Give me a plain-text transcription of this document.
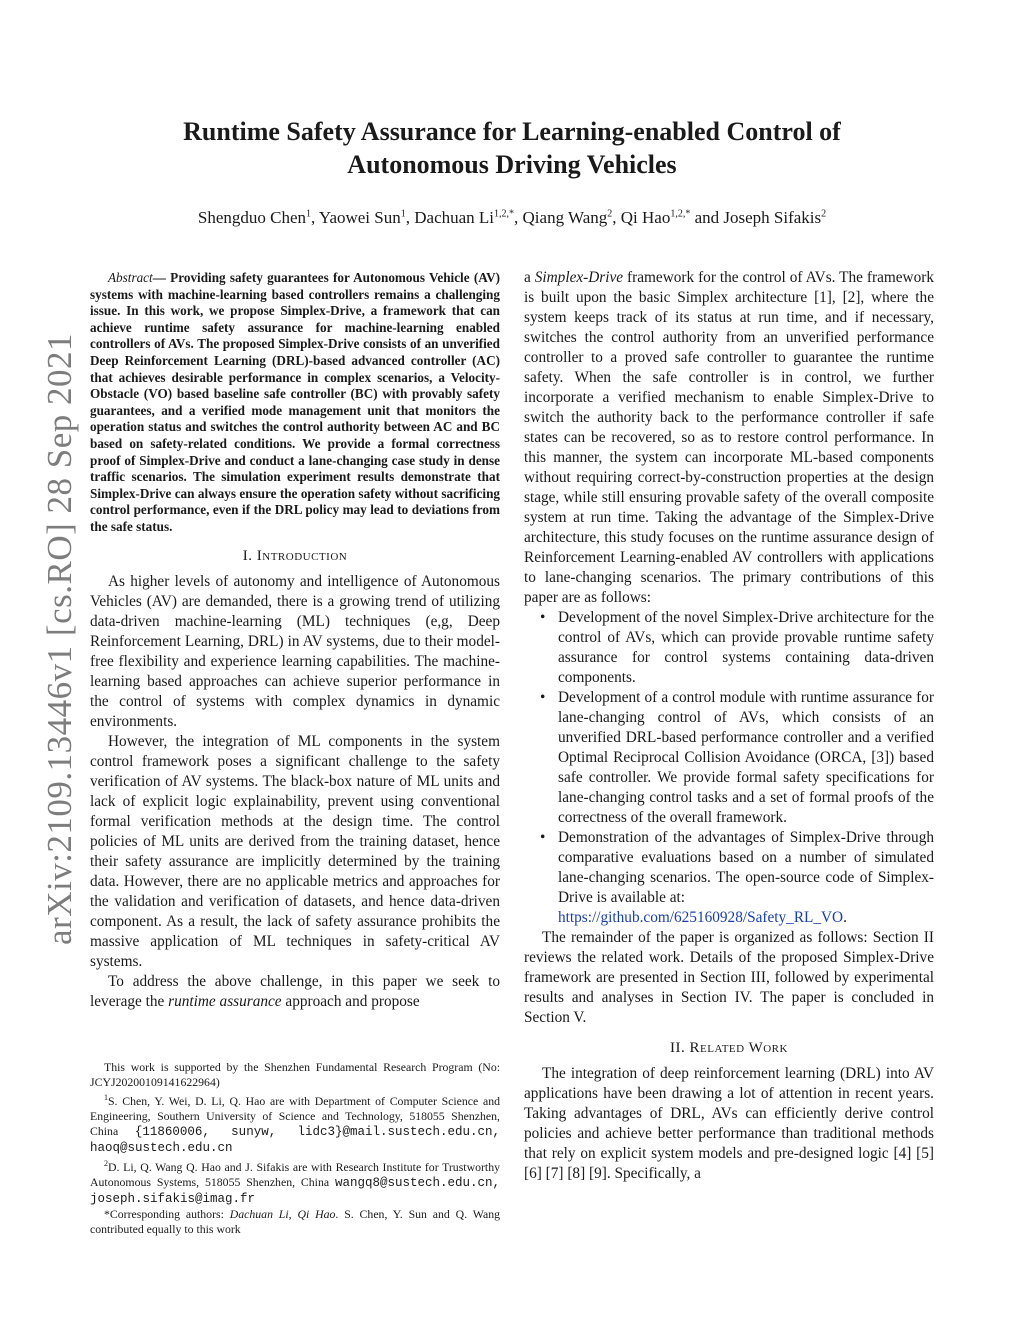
arXiv:2109.13446v1 [cs.RO] 28 Sep 2021
Runtime Safety Assurance for Learning-enabled Control of
Autonomous Driving Vehicles
Shengduo Chen$^1$, Yaowei Sun$^1$, Dachuan $Li^{1,2,*}$, Qiang Wang$^2$, Qi Hao$^{1,2,*}$ and Joseph Sifakis$^2$

Abstract— Providing safety guarantees for Autonomous Vehicle (AV) systems with machine-learning based controllers remains a challenging issue. In this work, we propose Simplex-Drive, a framework that can achieve runtime safety assurance for machine-learning enabled controllers of AVs. The proposed Simplex-Drive consists of an unverified Deep Reinforcement Learning (DRL)-based advanced controller (AC) that achieves desirable performance in complex scenarios, a Velocity-Obstacle (VO) based baseline safe controller (BC) with provably safety guarantees, and a verified mode management unit that monitors the operation status and switches the control authority between AC and BC based on safety-related conditions. We provide a formal correctness proof of Simplex-Drive and conduct a lane-changing case study in dense traffic scenarios. The simulation experiment results demonstrate that Simplex-Drive can always ensure the operation safety without sacrificing control performance, even if the DRL policy may lead to deviations from the safe status.

I. Introduction

As higher levels of autonomy and intelligence of Autonomous Vehicles (AV) are demanded, there is a growing trend of utilizing data-driven machine-learning (ML) techniques (e,g, Deep Reinforcement Learning, DRL) in AV systems, due to their model-free flexibility and experience learning capabilities. The machine-learning based approaches can achieve superior performance in the control of systems with complex dynamics in dynamic environments.

However, the integration of ML components in the system control framework poses a significant challenge to the safety verification of AV systems. The black-box nature of ML units and lack of explicit logic explainability, prevent using conventional formal verification methods at the design time. The control policies of ML units are derived from the training dataset, hence their safety assurance are implicitly determined by the training data. However, there are no applicable metrics and approaches for the validation and verification of datasets, and hence data-driven component. As a result, the lack of safety assurance prohibits the massive application of ML techniques in safety-critical AV systems.

To address the above challenge, in this paper we seek to leverage the runtime assurance approach and propose

This work is supported by the Shenzhen Fundamental Research Program (No: JCYJ20200109141622964)

$^1$S. Chen, Y. Wei, D. Li, Q. Hao are with Department of Computer Science and Engineering, Southern University of Science and Technology, 518055 Shenzhen, China {11860006, sunyw, lidc3}@mail.sustech.edu.cn, haoq@sustech.edu.cn

$^2$D. Li, Q. Wang Q. Hao and J. Sifakis are with Research Institute for Trustworthy Autonomous Systems, 518055 Shenzhen, China wangq8@sustech.edu.cn, joseph.sifakis@imag.fr

*Corresponding authors: Dachuan Li, Qi Hao. S. Chen, Y. Sun and Q. Wang contributed equally to this work

a Simplex-Drive framework for the control of AVs. The framework is built upon the basic Simplex architecture [1], [2], where the system keeps track of its status at run time, and if necessary, switches the control authority from an unverified performance controller to a proved safe controller to guarantee the runtime safety. When the safe controller is in control, we further incorporate a verified mechanism to enable Simplex-Drive to switch the authority back to the performance controller if safe states can be recovered, so as to restore control performance. In this manner, the system can incorporate ML-based components without requiring correct-by-construction properties at the design stage, while still ensuring provable safety of the overall composite system at run time. Taking the advantage of the Simplex-Drive architecture, this study focuses on the runtime assurance design of Reinforcement Learning-enabled AV controllers with applications to lane-changing scenarios. The primary contributions of this paper are as follows:

• Development of the novel Simplex-Drive architecture for the control of AVs, which can provide provable runtime safety assurance for control systems containing data-driven components.
• Development of a control module with runtime assurance for lane-changing control of AVs, which consists of an unverified DRL-based performance controller and a verified Optimal Reciprocal Collision Avoidance (ORCA, [3]) based safe controller. We provide formal safety specifications for lane-changing control tasks and a set of formal proofs of the correctness of the overall framework.
• Demonstration of the advantages of Simplex-Drive through comparative evaluations based on a number of simulated lane-changing scenarios. The open-source code of Simplex-Drive is available at:
https://github.com/625160928/Safety_RL_VO.

The remainder of the paper is organized as follows: Section II reviews the related work. Details of the proposed Simplex-Drive framework are presented in Section III, followed by experimental results and analyses in Section IV. The paper is concluded in Section V.

II. Related Work

The integration of deep reinforcement learning (DRL) into AV applications have been drawing a lot of attention in recent years. Taking advantages of DRL, AVs can efficiently derive control policies and achieve better performance than traditional methods that rely on explicit system models and pre-designed logic [4] [5] [6] [7] [8] [9]. Specifically, a
